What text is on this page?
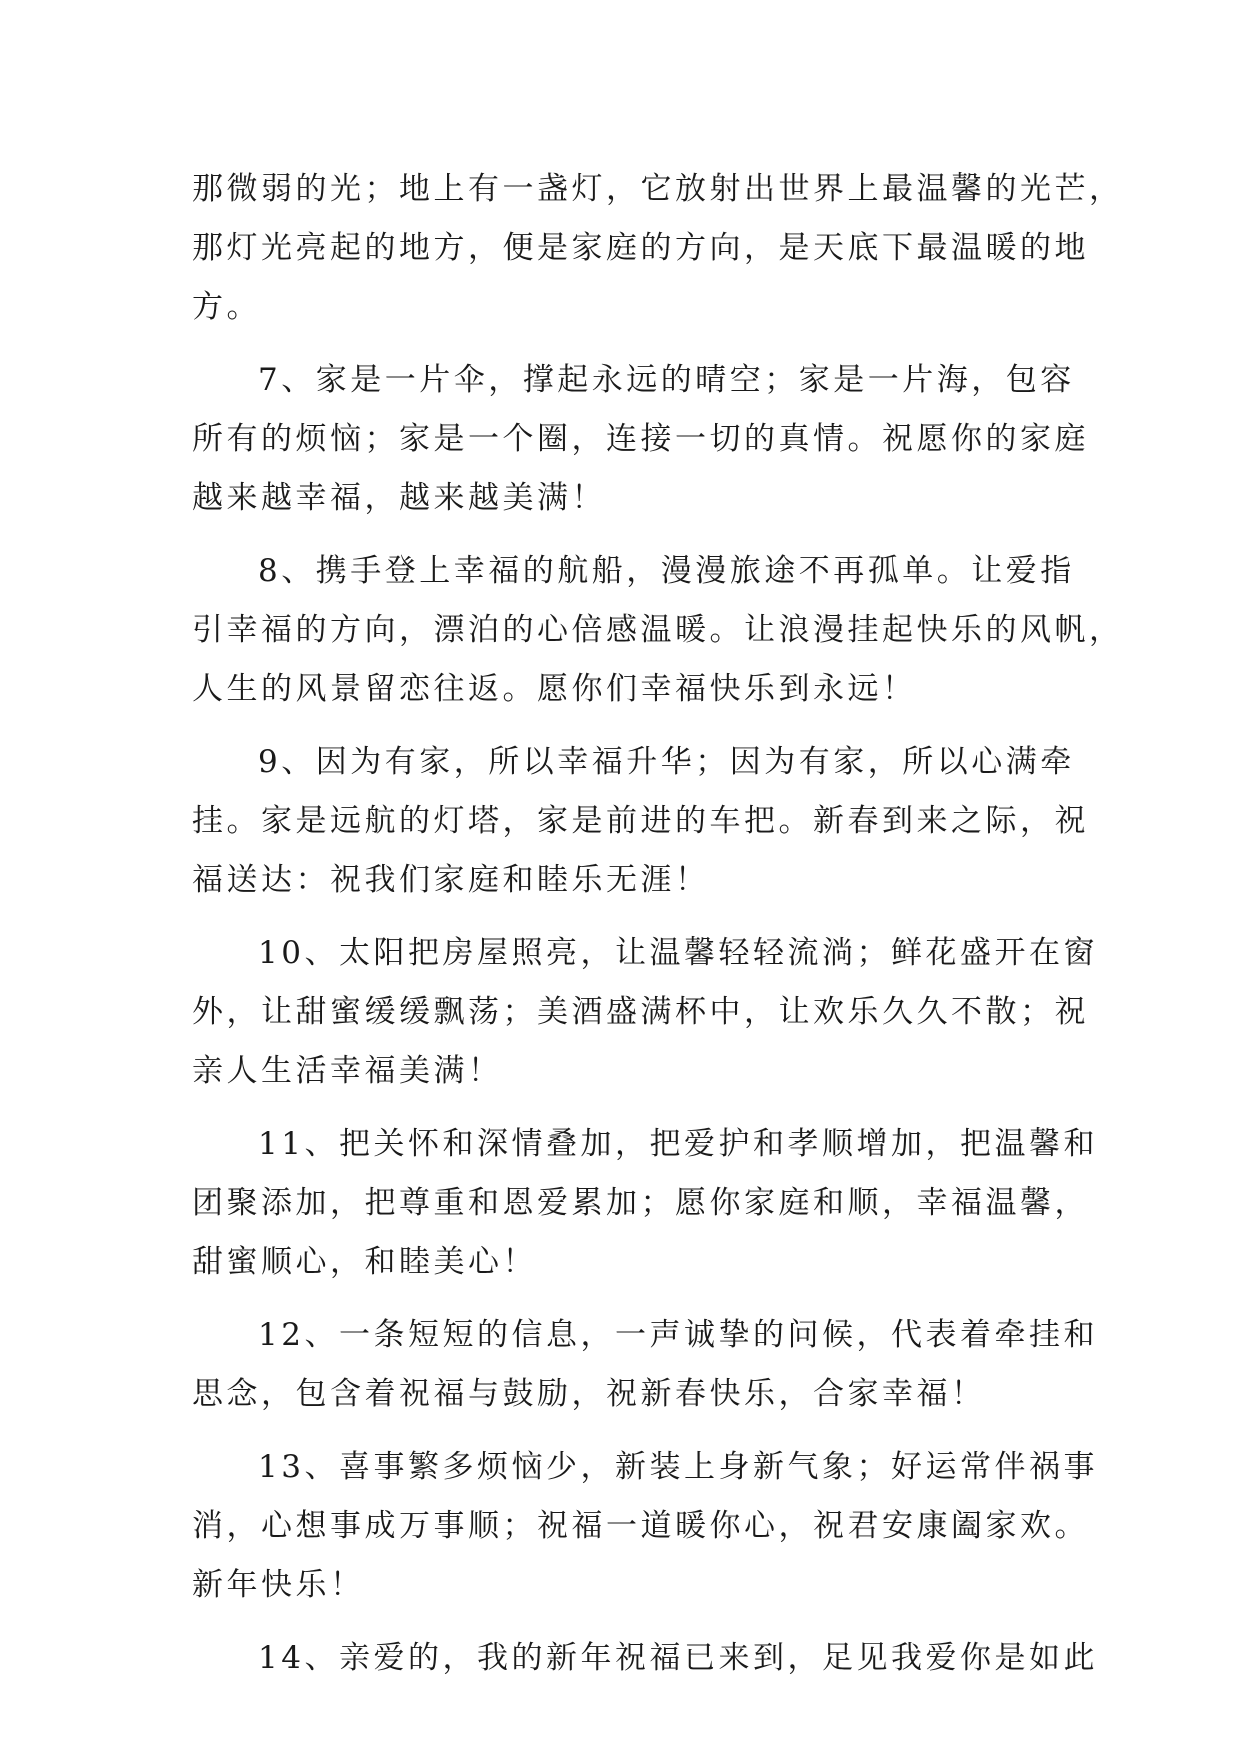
那微弱的光；地上有一盏灯，它放射出世界上最温馨的光芒，
那灯光亮起的地方，便是家庭的方向，是天底下最温暖的地
方。
7、家是一片伞，撑起永远的晴空；家是一片海，包容
所有的烦恼；家是一个圈，连接一切的真情。祝愿你的家庭
越来越幸福，越来越美满！
8、携手登上幸福的航船，漫漫旅途不再孤单。让爱指
引幸福的方向，漂泊的心倍感温暖。让浪漫挂起快乐的风帆，
人生的风景留恋往返。愿你们幸福快乐到永远！
9、因为有家，所以幸福升华；因为有家，所以心满牵
挂。家是远航的灯塔，家是前进的车把。新春到来之际，祝
福送达：祝我们家庭和睦乐无涯！
10、太阳把房屋照亮，让温馨轻轻流淌；鲜花盛开在窗
外，让甜蜜缓缓飘荡；美酒盛满杯中，让欢乐久久不散；祝
亲人生活幸福美满！
11、把关怀和深情叠加，把爱护和孝顺增加，把温馨和
团聚添加，把尊重和恩爱累加；愿你家庭和顺，幸福温馨，
甜蜜顺心，和睦美心！
12、一条短短的信息，一声诚挚的问候，代表着牵挂和
思念，包含着祝福与鼓励，祝新春快乐，合家幸福！
13、喜事繁多烦恼少，新装上身新气象；好运常伴祸事
消，心想事成万事顺；祝福一道暖你心，祝君安康阖家欢。
新年快乐！
14、亲爱的，我的新年祝福已来到，足见我爱你是如此
